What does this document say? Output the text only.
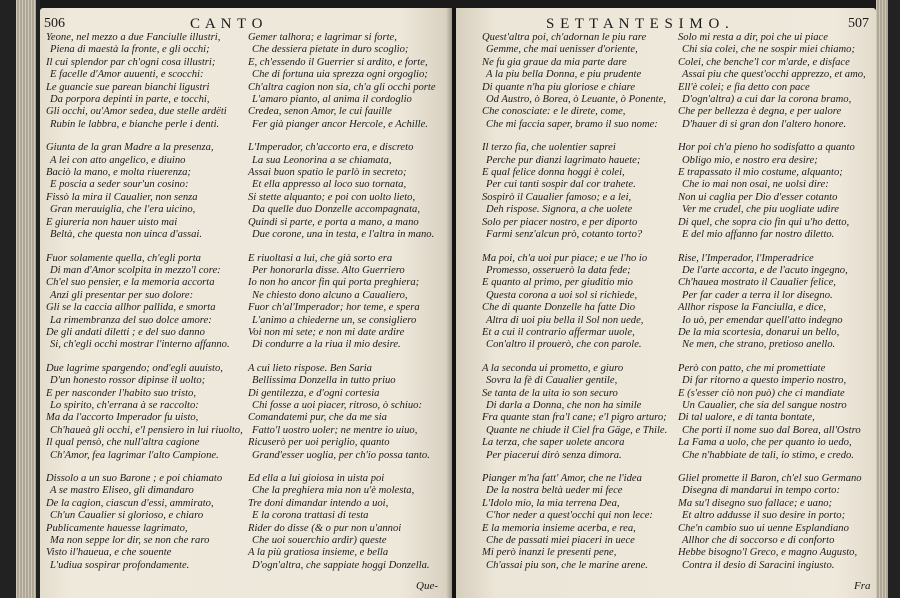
506	C A N T O
Yeone, nel mezzo a due Fanciulle illustri,
Piena di maestà la fronte, e gli occhi;
Il cui splendor par ch'ogni cosa illustri;
E facelle d'Amor auuenti, e scocchi:
Le guancie sue parean bianchi ligustri
Da porpora depinti in parte, e tocchi,
Gli occhi, ou'Amor sedea, due stelle ardëti
Rubin le labbra, e bianche perle i denti.
Giunta de la gran Madre a la presenza,
A lei con atto angelico, e diuino
Baciò la mano, e molta riuerenza;
E poscia a seder sour'un cosino:
Fissò la mira il Caualier, non senza
Gran merauiglia, che l'era uicino,
E giureria non hauer uisto mai
Beltà, che questa non uinca d'assai.
Fuor solamente quella, ch'egli porta
Di man d'Amor scolpita in mezzo'l core:
Ch'el suo pensier, e la memoria accorta
Anzi gli presentar per suo dolore:
Gli se la caccia allhor pallida, e smorta
La rimembranza del suo dolce amore:
De gli andati diletti ; e del suo danno
Si, ch'egli occhi mostrar l'interno affanno.
Due lagrime spargendo; ond'egli auuisto,
D'un honesto rossor dipinse il uolto;
E per nasconder l'habito suo tristo,
Lo spirito, ch'errana à se raccolto:
Ma da l'accorto Imperador fu uisto,
Ch'haueà gli occhi, e'l pensiero in lui riuolto,
Il qual pensò, che null'altra cagione
Ch'Amor, fea lagrimar l'alto Campione.
Dissolo a un suo Barone ; e poi chiamato
A se mastro Eliseo, gli dimandaro
De la cagion, ciascun d'essi, ammirato,
Ch'un Caualier si glorioso, e chiaro
Publicamente hauesse lagrimato,
Ma non seppe lor dir, se non che raro
Visto il'haueua, e che souente
L'udiua sospirar profondamente.
Gemer talhora; e lagrimar si forte,
Che dessiera pietate in duro scoglio;
E, ch'essendo il Guerrier si ardito, e forte,
Che di fortuna uia sprezza ogni orgoglio;
Ch'altra cagion non sia, ch'a gli occhi porte
L'amaro pianto, al anima il cordoglio
Credea, senon Amor, le cui fauille
Fer già pianger ancor Hercole, e Achille.
L'Imperador, ch'accorto era, e discreto
La sua Leonorina a se chiamata,
Assai buon spatio le parlò in secreto;
Et ella appresso al loco suo tornata,
Si stette alquanto; e poi con uolto lieto,
Da quelle duo Donzelle accompagnata,
Quindi si parte, e porta a mano, a mano
Due corone, una in testa, e l'altra in mano.
E riuoltasi a lui, che già sorto era
Per honorarla disse. Alto Guerriero
Io non ho ancor fin qui porta preghiera;
Ne chiesto dono alcuno a Caualiero,
Fuor ch'al'Imperador; hor teme, e spera
L'animo a chiederne un, se consigliero
Voi non mi sete; e non mi date ardire
Di condurre a la riua il mio desire.
A cui lieto rispose. Ben Saria
Bellissima Donzella in tutto priuo
Di gentilezza, e d'ogni cortesia
Chi fosse a uoi piacer, ritroso, ò schiuo:
Comandatemi pur, che da me sia
Fatto'l uostro uoler; ne mentre io uiuo,
Ricuserò per uoi periglio, quanto
Grand'esser uoglia, per ch'io possa tanto.
Ed ella a lui gioiosa in uista poi
Che la preghiera mia non u'è molesta,
Tre doni dimandar intendo a uoi,
E la corona trattasi di testa
Rider do disse (& o pur non u'annoi
Che uoi souerchio ardir) queste
A la più gratiosa insieme, e bella
D'ogn'altra, che sappiate hoggi Donzella.
Que-
S E T T A N T E S I M O .	507
Quest'altra poi, ch'adornan le piu rare
Gemme, che mai uenisser d'oriente,
Ne fu gia graue da mia parte dare
A la piu bella Donna, e piu prudente
Di quante n'ha piu gloriose e chiare
Od Austro, ò Borea, ò Leuante, ò Ponente,
Che conosciate: e le direte, come,
Che mi faccia saper, bramo il suo nome:
Il terzo fia, che uolentier saprei
Perche pur dianzi lagrimato hauete;
E qual felice donna hoggi è colei,
Per cui tanti sospir dal cor trahete.
Sospirò il Caualier famoso; e a lei,
Deh rispose. Signora, a che uolete
Solo per piacer nostro, e per diporto
Farmi senz'alcun prò, cotanto torto?
Ma poi, ch'a uoi pur piace; e ue l'ho io
Promesso, osseruerò la data fede;
E quanto al primo, per giuditio mio
Questa corona a uoi sol si richiede,
Che di quante Donzelle ha fatte Dio
Altra di uoi piu bella il Sol non uede,
Et a cui il contrario affermar uuole,
Con'altro il prouerò, che con parole.
A la seconda ui prometto, e giuro
Sovra la fè di Caualier gentile,
Se tanta de la uita io son securo
Di darla a Donna, che non ha simile
Fra quante stan fra'l cane; e'l pigro arturo;
Quante ne chiude il Ciel fra Gäge, e Thile.
La terza, che saper uolete ancora
Per piacerui dirò senza dimora.
Pianger m'ha fatt' Amor, che ne l'idea
De la nostra beltà ueder mi fece
L'Idolo mio, la mia terrena Dea,
C'hor neder a quest'occhi qui non lece:
E la memoria insieme acerba, e rea,
Che de passati miei piaceri in uece
Mi però inanzi le presenti pene,
Ch'assai piu son, che le marine arene.
Solo mi resta a dir, poi che ui piace
Chi sia colei, che ne sospir miei chiamo;
Colei, che benche'l cor m'arde, e disface
Assai piu che quest'occhi apprezzo, et amo,
Ell'è colei; e fia detto con pace
D'ogn'altra) a cui dar la corona bramo,
Che per bellezza è degna, e per ualore
D'hauer di si gran don l'altero honore.
Hor poi ch'a pieno ho sodisfatto a quanto
Obligo mio, e nostro era desire;
E trapassato il mio costume, alquanto;
Che io mai non osai, ne uolsi dire:
Non ui caglia per Dio d'esser cotanto
Ver me crudel, che piu uogliate udire
Di quel, che sopra cio fin qui u'ho detto,
E del mio affanno far nostro diletto.
Rise, l'Imperador, l'Imperadrice
De l'arte accorta, e de l'acuto ingegno,
Ch'hauea mostrato il Caualier felice,
Per far cader a terra il lor disegno.
Allhor rispose la Fanciulla, e dice,
Io uò, per emendar quell'atto indegno
De la mia scortesia, donarui un bello,
Ne men, che strano, pretioso anello.
Però con patto, che mi promettiate
Di far ritorno a questo imperio nostro,
E (s'esser ciò non può) che ci mandiate
Un Caualier, che sia del sangue nostro
Di tal ualore, e di tanta bontate,
Che porti il nome suo dal Borea, all'Ostro
La Fama a uolo, che per quanto io uedo,
Che n'habbiate de tali, io stimo, e credo.
Gliel promette il Baron, ch'el suo Germano
Disegna di mandarui in tempo corto:
Ma su'l disegno suo fallace; e uano;
Et altro addusse il suo desire in porto;
Che'n cambio suo ui uenne Esplandiano
Allhor che di soccorso e di conforto
Hebbe bisogno'l Greco, e magno Augusto,
Contra il desio di Saracini ingiusto.
Fra
